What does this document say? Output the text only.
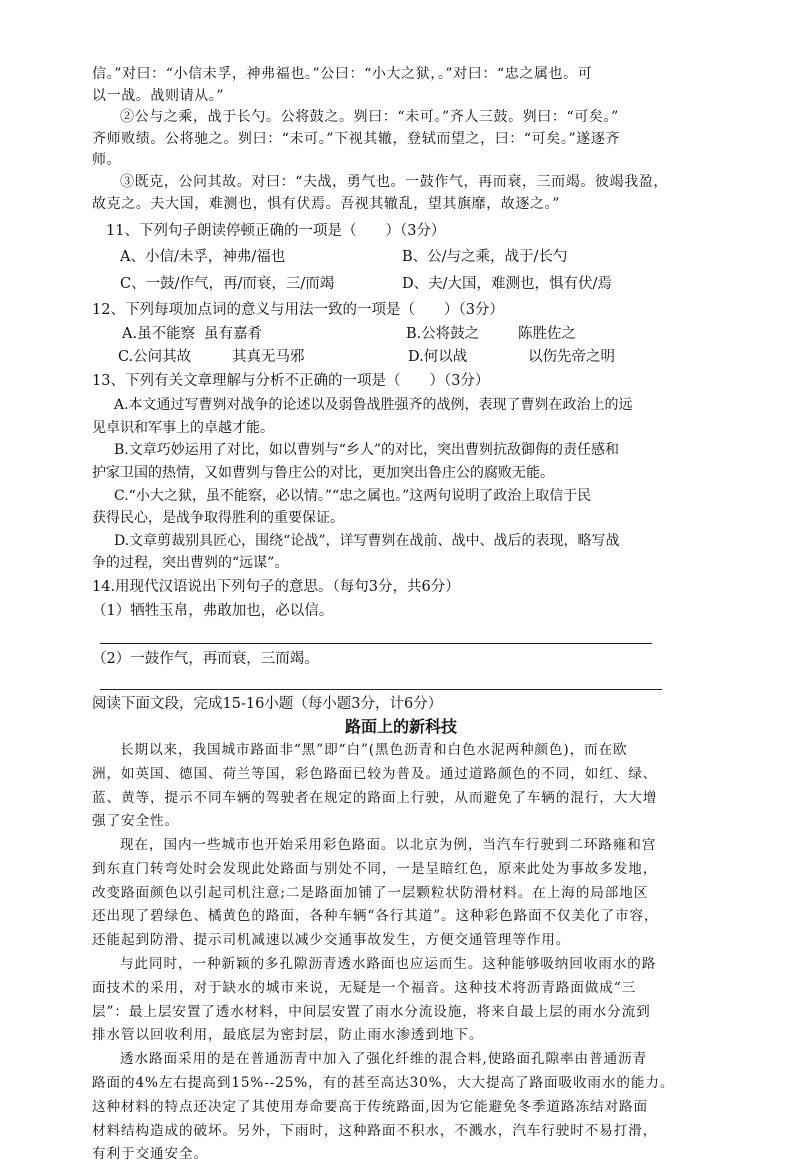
信。”对曰：“小信未孚，神弗福也。”公曰：“小大之狱，。”对曰：“忠之属也。可
以一战。战则请从。”
②公与之乘，战于长勺。公将鼓之。刿曰：“未可。”齐人三鼓。刿曰：“可矣。”
齐师败绩。公将驰之。刿曰：“未可。”下视其辙，登轼而望之，曰：“可矣。”遂逐齐
师。
③既克，公问其故。对曰：“夫战，勇气也。一鼓作气，再而衰，三而竭。彼竭我盈，
故克之。夫大国，难测也，惧有伏焉。吾视其辙乱，望其旗靡，故逐之。”
11、下列句子朗读停顿正确的一项是（　　）（3分）
A、小信/未孚，神弗/福也	B、公/与之乘，战于/长勺
C、一鼓/作气，再/而衰，三/而竭	D、夫/大国，难测也，惧有伏/焉
12、下列每项加点词的意义与用法一致的一项是（　　）（3分）
A.虽不能察 虽有嘉肴	B.公将鼓之	陈胜佐之
C.公问其故	其真无马邪	D.何以战	以伤先帝之明
13、下列有关文章理解与分析不正确的一项是（　　）（3分）
A.本文通过写曹刿对战争的论述以及弱鲁战胜强齐的战例，表现了曹刿在政治上的远
见卓识和军事上的卓越才能。
B.文章巧妙运用了对比，如以曹刿与“乡人”的对比，突出曹刿抗敌御侮的责任感和
护家卫国的热情，又如曹刿与鲁庄公的对比，更加突出鲁庄公的腐败无能。
C.“小大之狱，虽不能察，必以情。”“忠之属也。”这两句说明了政治上取信于民
获得民心，是战争取得胜利的重要保证。
D.文章剪裁别具匠心，围绕“论战”，详写曹刿在战前、战中、战后的表现，略写战
争的过程，突出曹刿的“远谋”。
14.用现代汉语说出下列句子的意思。（每句3分，共6分）
（1）牺牲玉帛，弗敢加也，必以信。
（2）一鼓作气，再而衰，三而竭。
阅读下面文段，完成15-16小题（每小题3分，计6分）
路面上的新科技
长期以来，我国城市路面非“黑”即“白”(黑色沥青和白色水泥两种颜色)，而在欧
洲，如英国、德国、荷兰等国，彩色路面已较为普及。通过道路颜色的不同，如红、绿、
蓝、黄等，提示不同车辆的驾驶者在规定的路面上行驶，从而避免了车辆的混行，大大增
强了安全性。
现在，国内一些城市也开始采用彩色路面。以北京为例，当汽车行驶到二环路雍和宫
到东直门转弯处时会发现此处路面与别处不同，一是呈暗红色，原来此处为事故多发地，
改变路面颜色以引起司机注意;二是路面加铺了一层颗粒状防滑材料。在上海的局部地区
还出现了碧绿色、橘黄色的路面，各种车辆“各行其道”。这种彩色路面不仅美化了市容，
还能起到防滑、提示司机减速以减少交通事故发生，方便交通管理等作用。
与此同时，一种新颖的多孔隙沥青透水路面也应运而生。这种能够吸纳回收雨水的路
面技术的采用，对于缺水的城市来说，无疑是一个福音。这种技术将沥青路面做成“三
层”：最上层安置了透水材料，中间层安置了雨水分流设施，将来自最上层的雨水分流到
排水管以回收利用，最底层为密封层，防止雨水渗透到地下。
透水路面采用的是在普通沥青中加入了强化纤维的混合料,使路面孔隙率由普通沥青
路面的4%左右提高到15%--25%，有的甚至高达30%，大大提高了路面吸收雨水的能力。
这种材料的特点还决定了其使用寿命要高于传统路面,因为它能避免冬季道路冻结对路面
材料结构造成的破坏。另外，下雨时，这种路面不积水，不溅水，汽车行驶时不易打滑，
有利于交通安全。
